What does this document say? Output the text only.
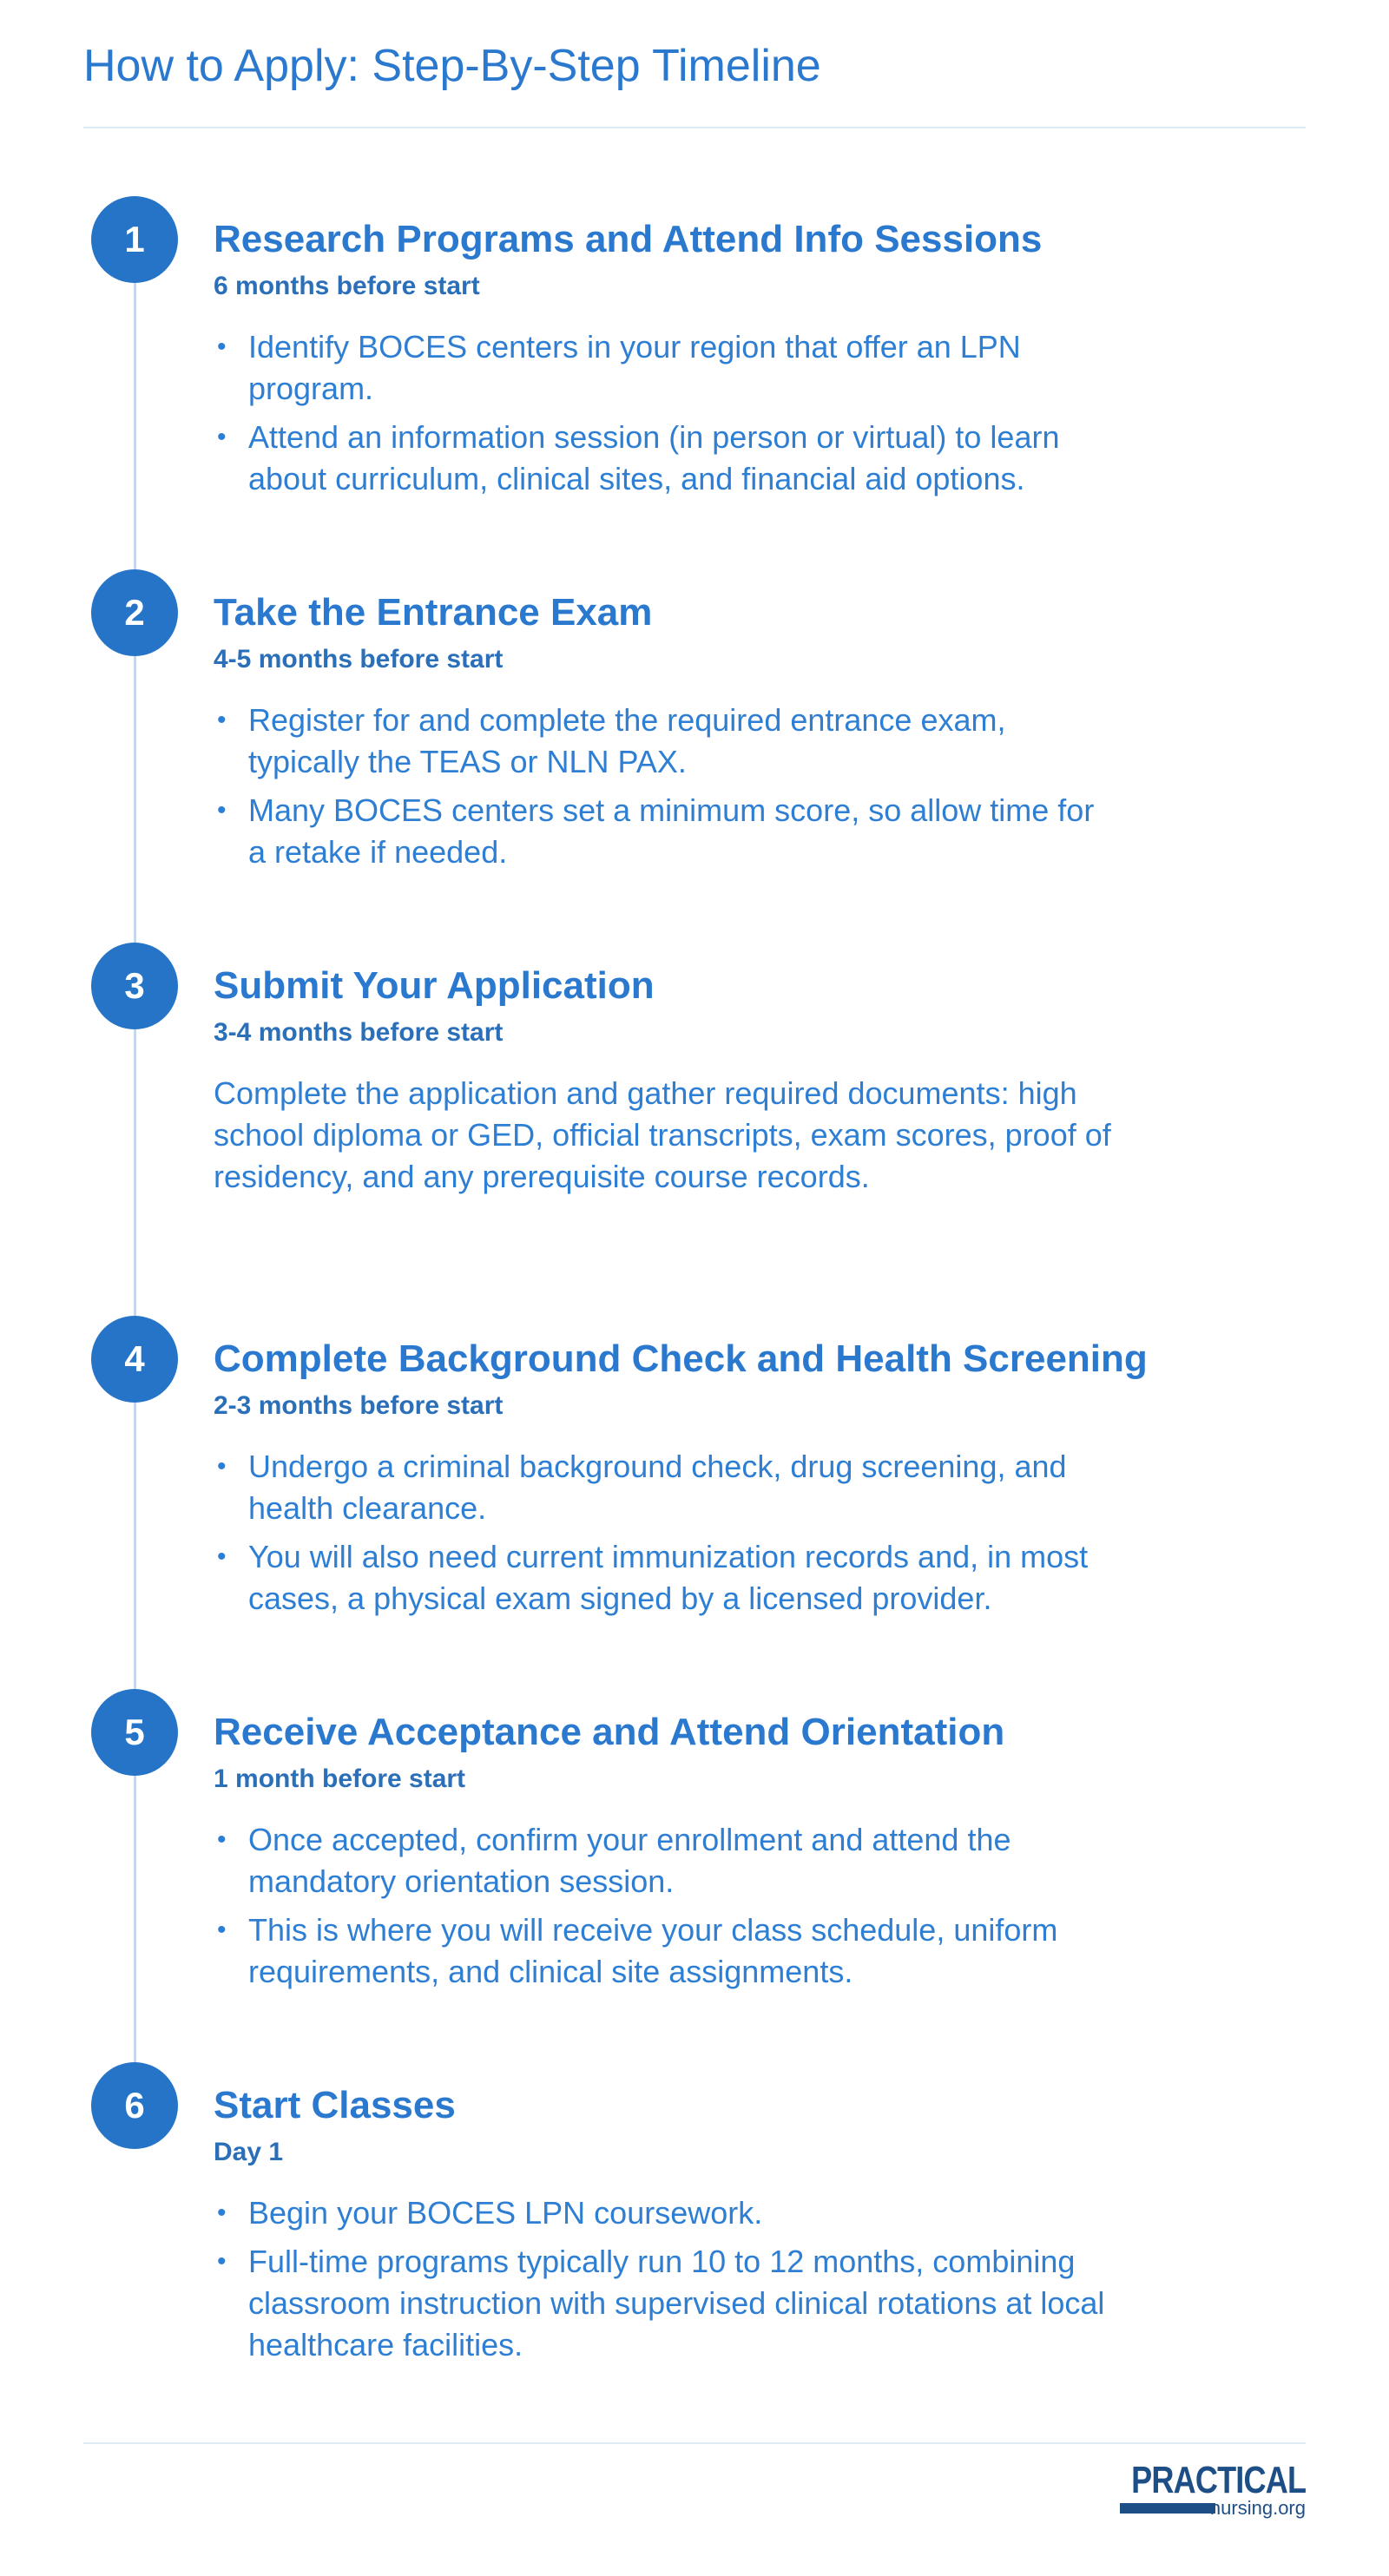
How to Apply: Step-By-Step Timeline
1	Research Programs and Attend Info Sessions
6 months before start
• Identify BOCES centers in your region that offer an LPN program.
• Attend an information session (in person or virtual) to learn about curriculum, clinical sites, and financial aid options.
2	Take the Entrance Exam
4-5 months before start
• Register for and complete the required entrance exam, typically the TEAS or NLN PAX.
• Many BOCES centers set a minimum score, so allow time for a retake if needed.
3	Submit Your Application
3-4 months before start

Complete the application and gather required documents: high school diploma or GED, official transcripts, exam scores, proof of residency, and any prerequisite course records.

4	Complete Background Check and Health Screening
2-3 months before start
• Undergo a criminal background check, drug screening, and health clearance.
• You will also need current immunization records and, in most cases, a physical exam signed by a licensed provider.
5	Receive Acceptance and Attend Orientation
1 month before start
• Once accepted, confirm your enrollment and attend the mandatory orientation session.
• This is where you will receive your class schedule, uniform requirements, and clinical site assignments.
6	Start Classes
Day 1
• Begin your BOCES LPN coursework.
• Full-time programs typically run 10 to 12 months, combining classroom instruction with supervised clinical rotations at local healthcare facilities.
PRACTICAL
nursing.org
